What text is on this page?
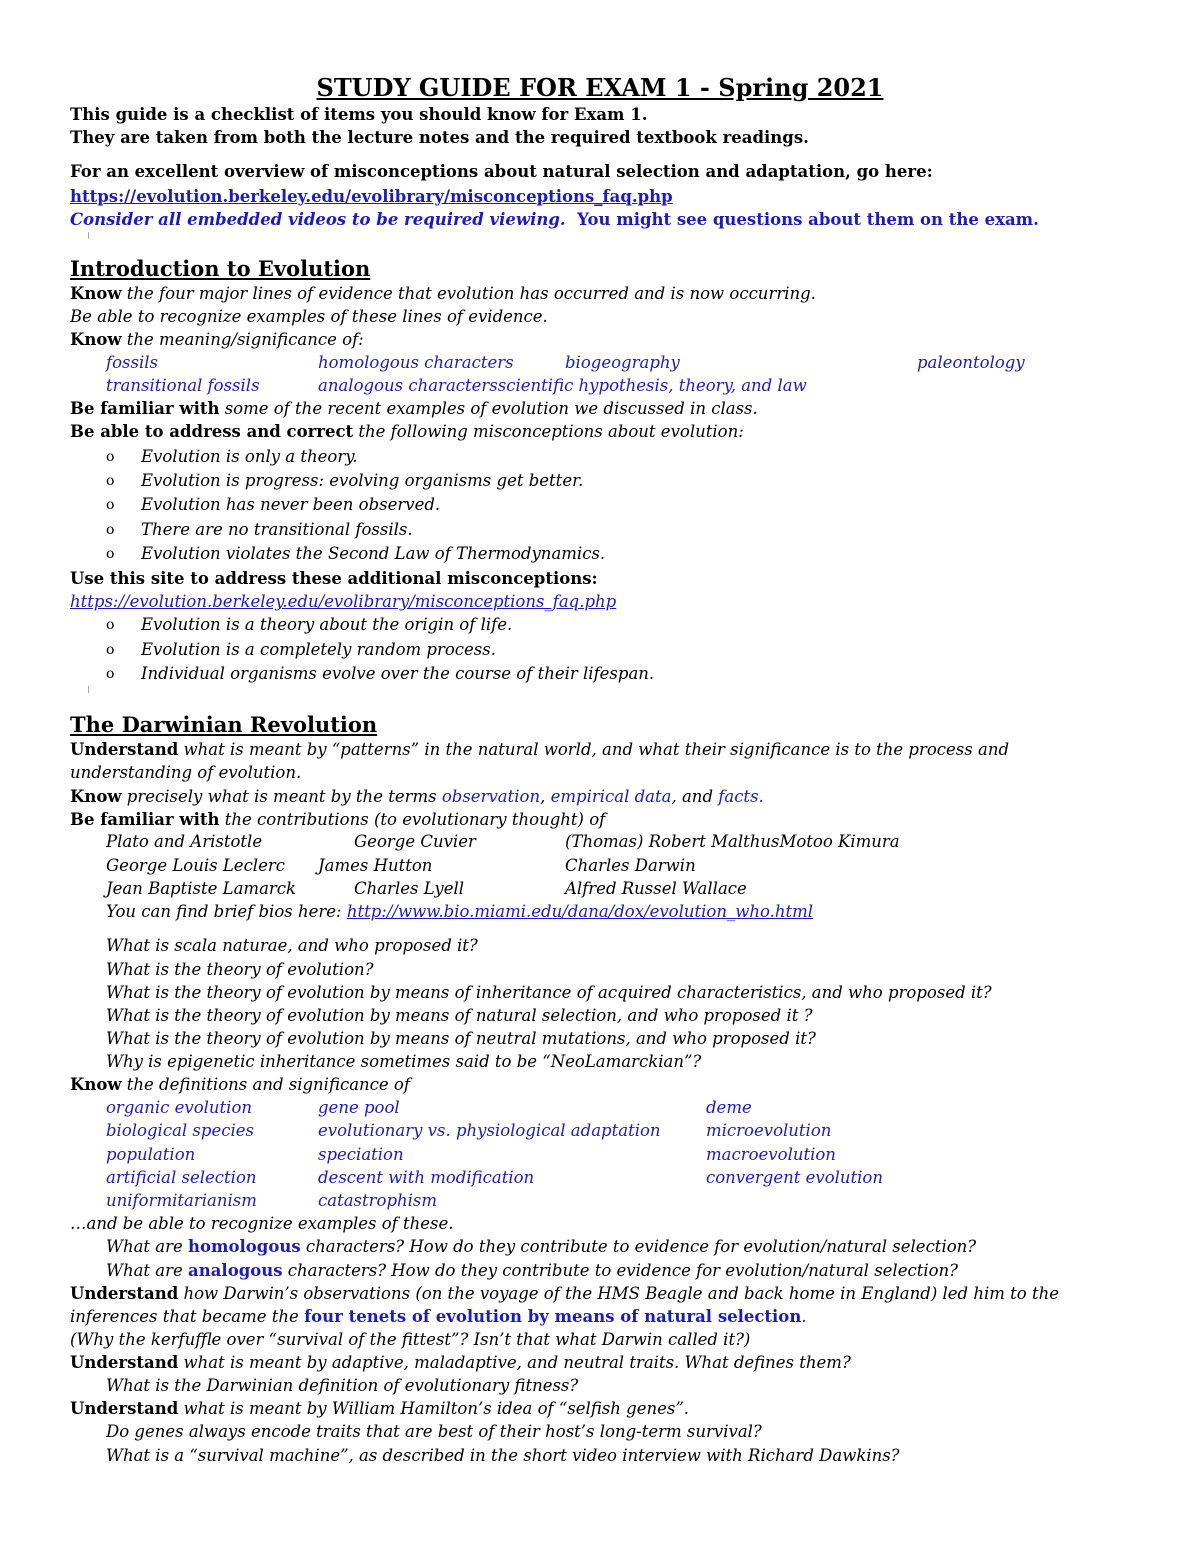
STUDY GUIDE FOR EXAM 1 - Spring 2021
This guide is a checklist of items you should know for Exam 1.
They are taken from both the lecture notes and the required textbook readings.
For an excellent overview of misconceptions about natural selection and adaptation, go here:
https://evolution.berkeley.edu/evolibrary/misconceptions_faq.php
Consider all embedded videos to be required viewing. You might see questions about them on the exam.
Introduction to Evolution
Know the four major lines of evidence that evolution has occurred and is now occurring.
Be able to recognize examples of these lines of evidence.
Know the meaning/significance of:
fossils	homologous characters	biogeography	paleontology
transitional fossils	analogous charactersscientific hypothesis, theory, and law
Be familiar with some of the recent examples of evolution we discussed in class.
Be able to address and correct the following misconceptions about evolution:
o Evolution is only a theory.
o Evolution is progress: evolving organisms get better.
o Evolution has never been observed.
o There are no transitional fossils.
o Evolution violates the Second Law of Thermodynamics.
Use this site to address these additional misconceptions:
https://evolution.berkeley.edu/evolibrary/misconceptions_faq.php
o Evolution is a theory about the origin of life.
o Evolution is a completely random process.
o Individual organisms evolve over the course of their lifespan.
The Darwinian Revolution
Understand what is meant by “patterns” in the natural world, and what their significance is to the process and
understanding of evolution.
Know precisely what is meant by the terms observation, empirical data, and facts.
Be familiar with the contributions (to evolutionary thought) of
Plato and Aristotle	George Cuvier	(Thomas) Robert MalthusMotoo Kimura
George Louis Leclerc James Hutton	Charles Darwin
Jean Baptiste Lamarck	Charles Lyell	Alfred Russel Wallace
You can find brief bios here: http://www.bio.miami.edu/dana/dox/evolution_who.html
What is scala naturae, and who proposed it?
What is the theory of evolution?
What is the theory of evolution by means of inheritance of acquired characteristics, and who proposed it?
What is the theory of evolution by means of natural selection, and who proposed it ?
What is the theory of evolution by means of neutral mutations, and who proposed it?
Why is epigenetic inheritance sometimes said to be “NeoLamarckian”?
Know the definitions and significance of
organic evolution	gene pool	deme
biological species	evolutionary vs. physiological adaptation	microevolution
population	speciation	macroevolution
artificial selection	descent with modification	convergent evolution
uniformitarianism	catastrophism
…and be able to recognize examples of these.
What are homologous characters? How do they contribute to evidence for evolution/natural selection?
What are analogous characters? How do they contribute to evidence for evolution/natural selection?
Understand how Darwin’s observations (on the voyage of the HMS Beagle and back home in England) led him to the
inferences that became the four tenets of evolution by means of natural selection.
(Why the kerfuffle over “survival of the fittest”? Isn’t that what Darwin called it?)
Understand what is meant by adaptive, maladaptive, and neutral traits. What defines them?
What is the Darwinian definition of evolutionary fitness?
Understand what is meant by William Hamilton’s idea of “selfish genes”.
Do genes always encode traits that are best of their host’s long-term survival?
What is a “survival machine”, as described in the short video interview with Richard Dawkins?
